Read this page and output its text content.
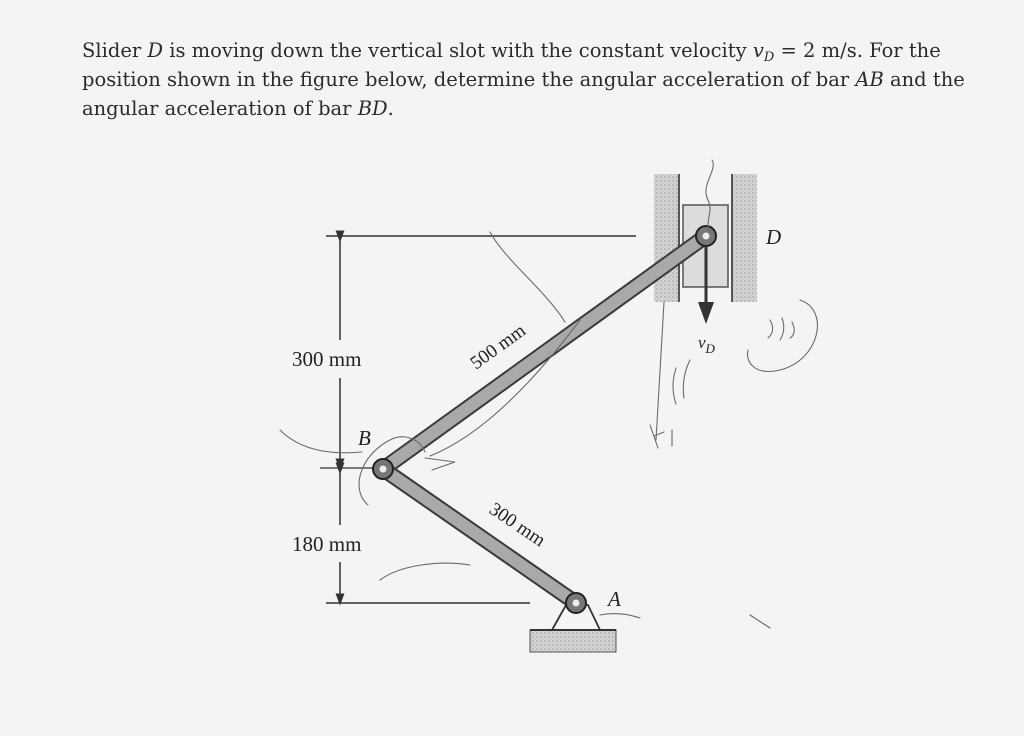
Slider D is moving down the vertical slot with the constant velocity $v_D = 2$ m/s. For the position shown in the figure below, determine the angular acceleration of bar AB and the angular acceleration of bar BD.

300 mm
180 mm
D
B
A
$v_D$
500 mm
300 mm
